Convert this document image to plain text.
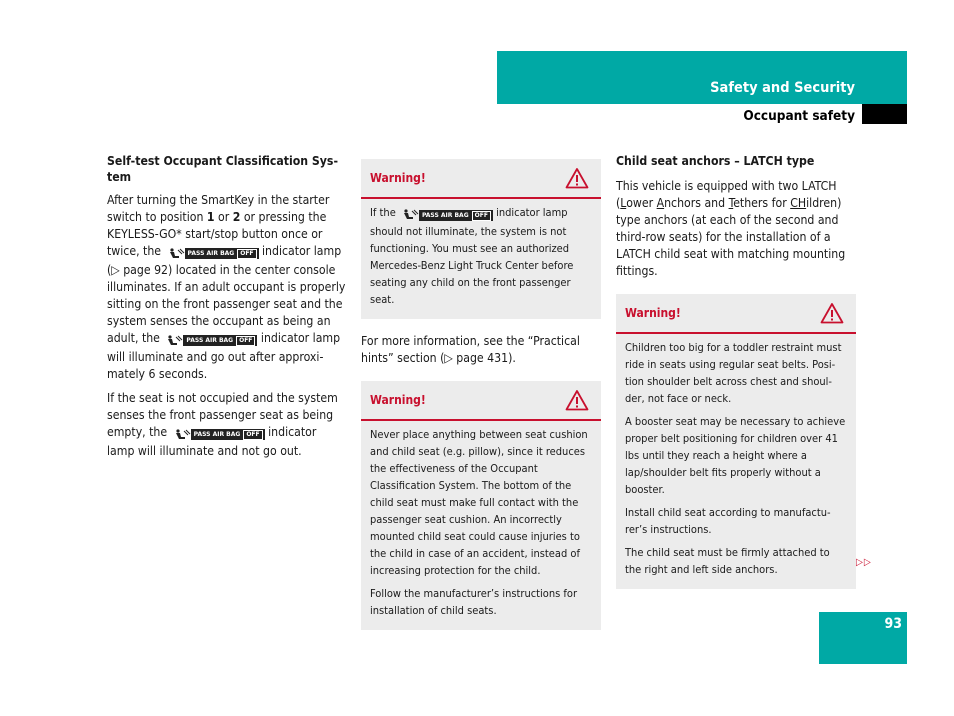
Safety and Security
Occupant safety

Self-test Occupant Classification Sys-tem

After turning the SmartKey in the starter switch to position 1 or 2 or pressing the KEYLESS-GO* start/stop button once or twice, the	PASS AIR BAG OFF indicator lamp (▷ page 92) located in the center console illuminates. If an adult occupant is properly sitting on the front passenger seat and the system senses the occupant as being an adult, the	PASS AIR BAG OFF indicator lamp will illuminate and go out after approxi-mately 6 seconds.

If the seat is not occupied and the system senses the front passenger seat as being empty, the	PASS AIR BAG OFF indicator lamp will illuminate and not go out.

Warning!

If the	PASS AIR BAG OFF indicator lamp should not illuminate, the system is not functioning. You must see an authorized Mercedes-Benz Light Truck Center before seating any child on the front passenger seat.

For more information, see the “Practical hints” section (▷ page 431).

Warning!

Never place anything between seat cushion and child seat (e.g. pillow), since it reduces the effectiveness of the Occupant Classification System. The bottom of the child seat must make full contact with the passenger seat cushion. An incorrectly mounted child seat could cause injuries to the child in case of an accident, instead of increasing protection for the child.

Follow the manufacturer’s instructions for installation of child seats.

Child seat anchors – LATCH type

This vehicle is equipped with two LATCH (Lower Anchors and Tethers for CHildren) type anchors (at each of the second and third-row seats) for the installation of a LATCH child seat with matching mounting fittings.

Warning!

Children too big for a toddler restraint must ride in seats using regular seat belts. Posi-tion shoulder belt across chest and shoul-der, not face or neck.

A booster seat may be necessary to achieve proper belt positioning for children over 41 lbs until they reach a height where a lap/shoulder belt fits properly without a booster.

Install child seat according to manufactu-rer’s instructions.

The child seat must be firmly attached to the right and left side anchors.

▷▷
93
